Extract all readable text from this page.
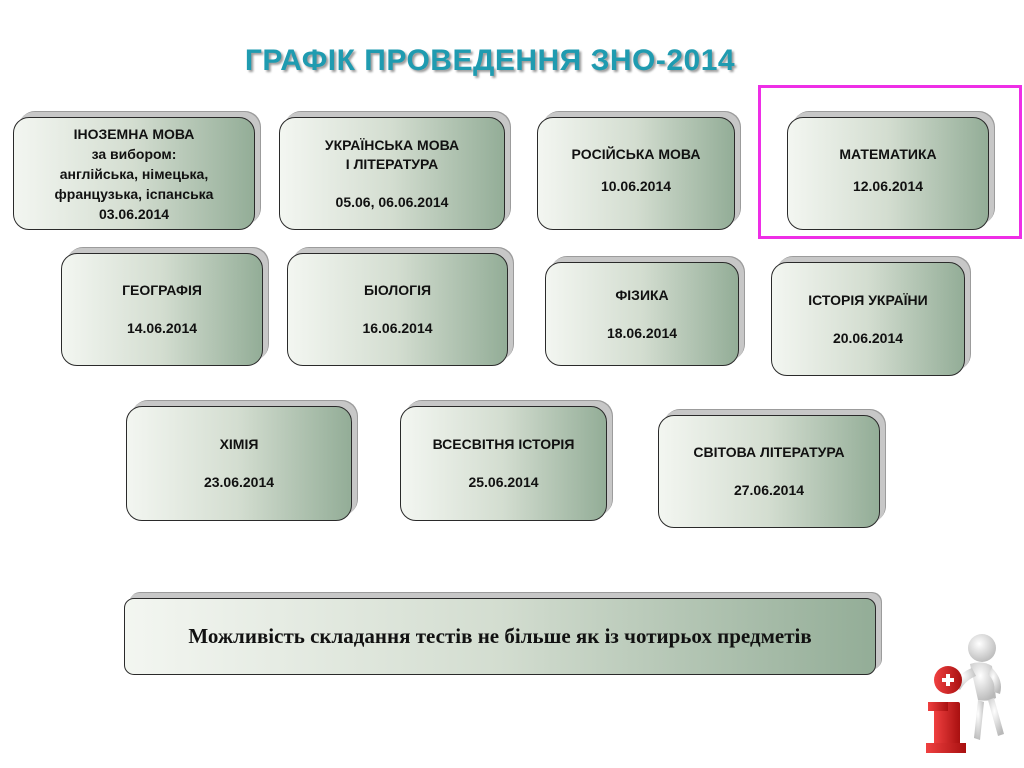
ГРАФІК ПРОВЕДЕННЯ ЗНО-2014
ІНОЗЕМНА МОВА
за вибором:
англійська, німецька,
французька, іспанська
03.06.2014
УКРАЇНСЬКА МОВА
І ЛІТЕРАТУРА
05.06, 06.06.2014
РОСІЙСЬКА МОВА
10.06.2014
МАТЕМАТИКА
12.06.2014
ГЕОГРАФІЯ
14.06.2014
БІОЛОГІЯ
16.06.2014
ФІЗИКА
18.06.2014
ІСТОРІЯ УКРАЇНИ
20.06.2014
ХІМІЯ
23.06.2014
ВСЕСВІТНЯ ІСТОРІЯ
25.06.2014
СВІТОВА ЛІТЕРАТУРА
27.06.2014
Можливість складання тестів не більше як із чотирьох предметів
